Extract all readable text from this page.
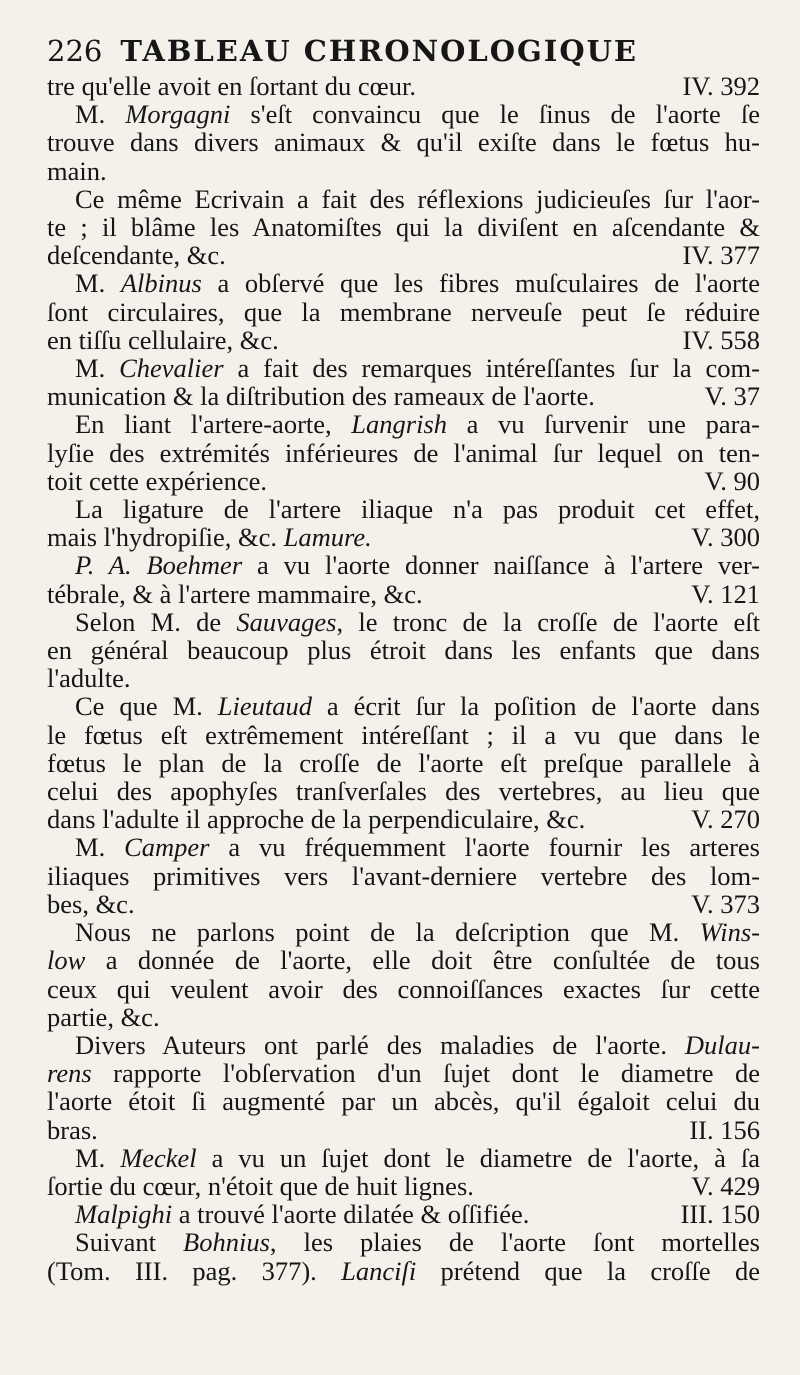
226 TABLEAU CHRONOLOGIQUE
tre qu'elle avoit en ſortant du cœur.	IV. 392
M. Morgagni s'eſt convaincu que le ſinus de l'aorte ſe
trouve dans divers animaux & qu'il exiſte dans le fœtus hu-
main.
Ce même Ecrivain a fait des réflexions judicieuſes ſur l'aor-
te ; il blâme les Anatomiſtes qui la diviſent en aſcendante &
deſcendante, &c.	IV. 377
M. Albinus a obſervé que les fibres muſculaires de l'aorte
ſont circulaires, que la membrane nerveuſe peut ſe réduire
en tiſſu cellulaire, &c.	IV. 558
M. Chevalier a fait des remarques intéreſſantes ſur la com-
munication & la diſtribution des rameaux de l'aorte.	V. 37
En liant l'artere-aorte, Langrish a vu ſurvenir une para-
lyſie des extrémités inférieures de l'animal ſur lequel on ten-
toit cette expérience.	V. 90
La ligature de l'artere iliaque n'a pas produit cet effet,
mais l'hydropiſie, &c. Lamure.	V. 300
P. A. Boehmer a vu l'aorte donner naiſſance à l'artere ver-
tébrale, & à l'artere mammaire, &c.	V. 121
Selon M. de Sauvages, le tronc de la croſſe de l'aorte eſt
en général beaucoup plus étroit dans les enfants que dans
l'adulte.
Ce que M. Lieutaud a écrit ſur la poſition de l'aorte dans
le fœtus eſt extrêmement intéreſſant ; il a vu que dans le
fœtus le plan de la croſſe de l'aorte eſt preſque parallele à
celui des apophyſes tranſverſales des vertebres, au lieu que
dans l'adulte il approche de la perpendiculaire, &c.	V. 270
M. Camper a vu fréquemment l'aorte fournir les arteres
iliaques primitives vers l'avant-derniere vertebre des lom-
bes, &c.	V. 373
Nous ne parlons point de la deſcription que M. Wins-
low a donnée de l'aorte, elle doit être conſultée de tous
ceux qui veulent avoir des connoiſſances exactes ſur cette
partie, &c.
Divers Auteurs ont parlé des maladies de l'aorte. Dulau-
rens rapporte l'obſervation d'un ſujet dont le diametre de
l'aorte étoit ſi augmenté par un abcès, qu'il égaloit celui du
bras.	II. 156
M. Meckel a vu un ſujet dont le diametre de l'aorte, à ſa
ſortie du cœur, n'étoit que de huit lignes.	V. 429
Malpighi a trouvé l'aorte dilatée & oſſifiée.	III. 150
Suivant Bohnius, les plaies de l'aorte ſont mortelles
(Tom. III. pag. 377). Lanciſi prétend que la croſſe de
